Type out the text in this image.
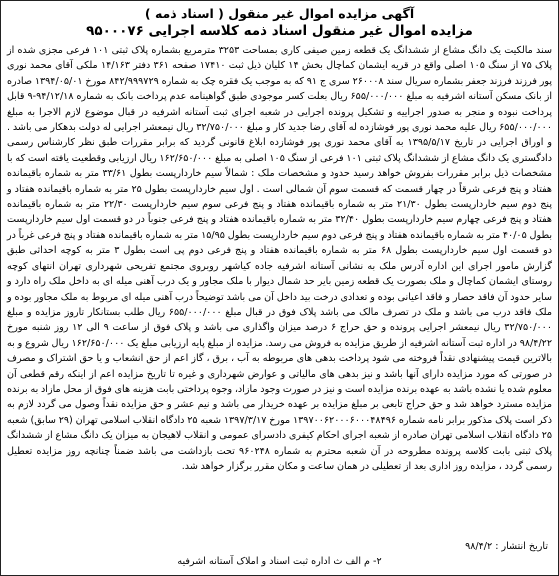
آگهی مزایده اموال غیر منقول ( اسناد ذمه )
مزایده اموال غیر منقول اسناد ذمه کلاسه اجرایی ۹۵۰۰۰۷۶

سند مالکیت یک دانگ مشاع از ششدانگ یک قطعه زمین صیفی کاری بمساحت ۳۲۵۳ مترمربع بشماره پلاک ثبتی ۱۰۱ فرعی مجزی شده از پلاک ۷۵ از سنگ ۱۰۵ اصلی واقع در قریه ایشمان کماچال بخش ۱۴ کلیان ذیل ثبت ۱۷۴۱۰ صفحه ۳۶۱ دفتر ۱۴/۱۶۳ ملکی آقای محمد نوری پور فرزند فرزند جعفر بشماره سریال سند ۲۶۰۰۰۸ سری ج ۹۱ که به موجب یک فقره چک به شماره ۸۴۲/۹۹۹۷۲۹ مورخ ۱۳۹۴/۰۵/۰۱ صادره از بانک مسکن آستانه اشرفیه به مبلغ ۶۵۵/۰۰۰/۰۰۰ ریال بعلت کسر موجودی طبق گواهینامه عدم پرداخت بانک به شماره ۹۴/۱۲/۱۸-۹ قابل پرداخت نبوده و منجر به صدور اجراییه و تشکیل پرونده اجرایی در شعبه اجرای ثبت آستانه اشرفیه در قبال موضوع لازم الاجرا به مبلغ ۶۵۵/۰۰۰/۰۰۰ ریال علیه محمد نوری پور فوشازده له آقای رضا جدید کار و مبلغ ۳۲/۷۵۰/۰۰۰ ریال نیمعشر اجرایی له دولت بدهکار می باشد . و اوراق اجرایی در تاریخ ۱۳۹۵/۵/۱۷ به آقای محمد نوری پور فوشازده ابلاغ قانونی گردید که برابر مقررات طبق نظر کارشناس رسمی دادگستری یک دانگ مشاع از ششدانگ پلاک ثبتی ۱۰۱ فرعی از سنگ ۱۰۵ اصلی به مبلغ ۱۶۲/۶۵۰/۰۰۰ ریال ارزیابی وقطعیت یافته است که با مشخصات ذیل برابر مقررات بفروش خواهد رسید حدود و مشخصات ملک : شمالاً سیم خاردارپست بطول ۳۳/۶۱ متر به شماره باقیمانده هفتاد و پنج فرعی شرقاً در چهار قسمت که قسمت سوم آن شمالی است . اول سیم خاردارپست بطول ۲۵ متر به شماره باقیمانده هفتاد و پنج دوم سیم خاردارپست بطول ۲۱/۳۰ متر به شماره باقیمانده هفتاد و پنج فرعی سوم سیم خاردارپست ۲۲/۳۰ متر به شماره باقیمانده هفتاد و پنج فرعی چهارم سیم خاردارپست بطول ۳۲/۴۰ متر به شماره باقیمانده هفتاد و پنج فرعی جنوباً در دو قسمت اول سیم خاردارپست بطول ۴۰/۰۵ متر به شماره باقیمانده هفتاد و پنج فرعی دوم سیم خاردارپست بطول ۱۵/۹۵ متر به شماره باقیمانده هفتاد و پنج فرعی غرباً در دو قسمت اول سیم خاردارپست بطول ۶۸ متر به شماره باقیمانده هفتاد و پنج فرعی دوم پی است بطول ۳ متر به کوچه احداثی طبق گزارش مامور اجرای این اداره آدرس ملک به نشانی آستانه اشرفیه جاده کیاشهر روبروی مجتمع تفریحی شهرداری تهران انتهای کوچه روستای ایشمان کماچال و ملک بصورت یک قطعه زمین بایر حد شمال دیوار با ملک مجاور و یک درب آهنی میله ای به داخل ملک راه دارد و سایر حدود آن فاقد حصار و فاقد اعیانی بوده و تعدادی درخت بید داخل آن می باشد توضیحاً درب آهنی میله ای مربوط به ملک مجاور بوده و ملک فاقد درب می باشد و ملک در تصرف مالک می باشد پلاک فوق در قبال مبلغ ۶۵۵/۰۰۰/۰۰۰ ریال طلب بستانکار تاروز مزایده و مبلغ ۳۲/۷۵۰/۰۰۰ ریال نیمعشر اجرایی پرونده و حق حراج ۶ درصد میزان واگذاری می باشد و پلاک فوق از ساعت ۹ الی ۱۲ روز شنبه مورخ ۹۸/۴/۲۲ در اداره ثبت آستانه اشرفیه از طریق مزایده به فروش می رسد. مزایده از مبلغ پایه ارزیابی مبلغ یک ۱۶۲/۶۵۰/۰۰۰ ریال شروع و به بالاترین قیمت پیشنهادی نقداً فروخته می شود پرداخت بدهی های مربوطه به آب ، برق ، گاز اعم از حق انشعاب و یا حق اشتراک و مصرف در صورتی که مورد مزایده دارای آنها باشد و نیز بدهی های مالیاتی و عوارض شهرداری و غیره تا تاریخ مزایده اعم از اینکه رقم قطعی آن معلوم شده یا نشده باشد به عهده برنده مزایده است و نیز در صورت وجود مازاد، وجوه پرداختی بابت هزینه های فوق از محل مازاد به برنده مزایده مسترد خواهد شد و حق حراج تابعی بر مبلغ مزایده بر عهده خریدار می باشد و نیم عشر و حق مزایده نقداً وصول می گردد لازم به ذکر است پلاک مذکور برابر نامه شماره ۱۳۹۷۰۰۶۲۰۰۰۶۰۰۰۴۸۴۹۶ مورخ ۱۳۹۷/۳/۱۷ شعبه ۲۵ دادگاه انقلاب اسلامی تهران (۲۹ سابق) شعبه ۲۵ دادگاه انقلاب اسلامی تهران صادره از شعبه اجرای احکام کیفری دادسرای عمومی و انقلاب لاهیجان به میزان یک دانگ مشاع از ششدانگ پلاک ثبتی بابت کلاسه پرونده مطروحه در آن شعبه محترم به شماره ۹۶۰۲۴۸ تحت بازداشت می باشد ضمناً چنانچه روز مزایده تعطیل رسمی گردد ، مزایده روز اداری بعد از تعطیلی در همان ساعت و مکان مقرر برگزار خواهد شد.

تاریخ انتشار : ۹۸/۴/۲
۲- م الف ث اداره ثبت اسناد و املاک آستانه اشرفیه
